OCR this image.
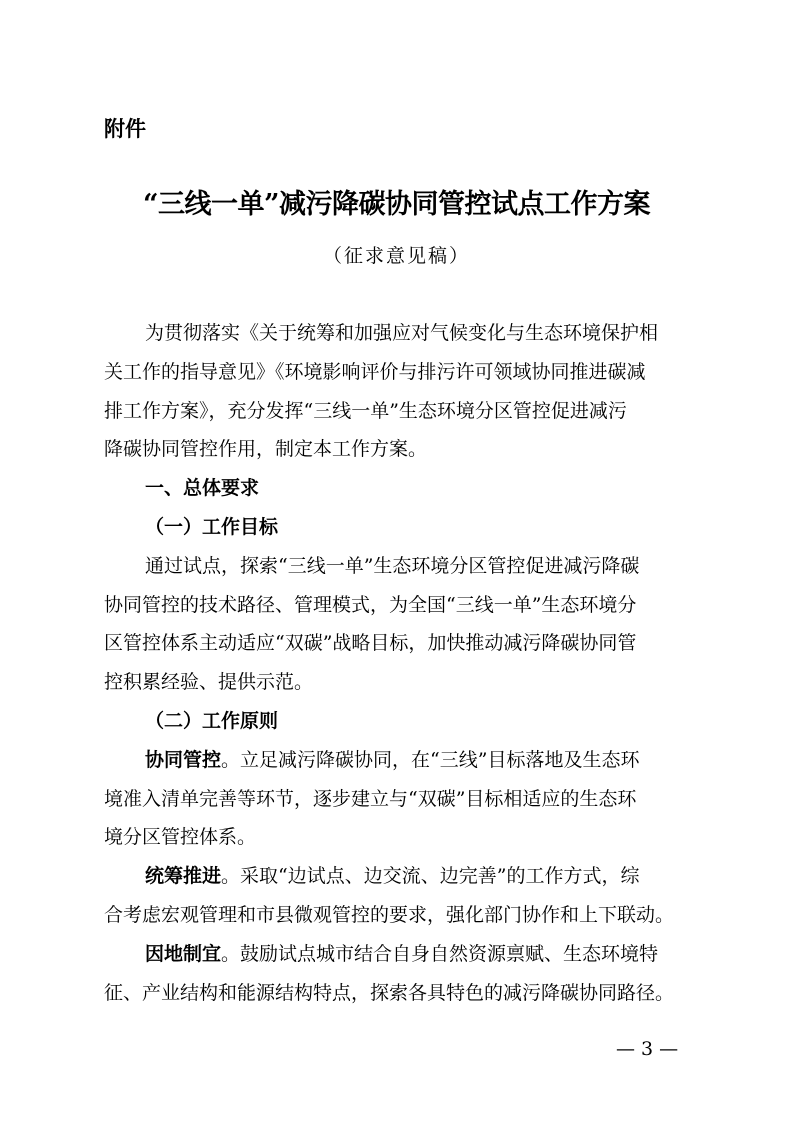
附件
“三线一单”减污降碳协同管控试点工作方案
（征求意见稿）
为贯彻落实《关于统筹和加强应对气候变化与生态环境保护相
关工作的指导意见》《环境影响评价与排污许可领域协同推进碳减
排工作方案》，充分发挥“三线一单”生态环境分区管控促进减污
降碳协同管控作用，制定本工作方案。
一、总体要求
（一）工作目标
通过试点，探索“三线一单”生态环境分区管控促进减污降碳
协同管控的技术路径、管理模式，为全国“三线一单”生态环境分
区管控体系主动适应“双碳”战略目标，加快推动减污降碳协同管
控积累经验、提供示范。
（二）工作原则
协同管控。立足减污降碳协同，在“三线”目标落地及生态环
境准入清单完善等环节，逐步建立与“双碳”目标相适应的生态环
境分区管控体系。
统筹推进。采取“边试点、边交流、边完善”的工作方式，综
合考虑宏观管理和市县微观管控的要求，强化部门协作和上下联动。
因地制宜。鼓励试点城市结合自身自然资源禀赋、生态环境特
征、产业结构和能源结构特点，探索各具特色的减污降碳协同路径。
— 3 —
